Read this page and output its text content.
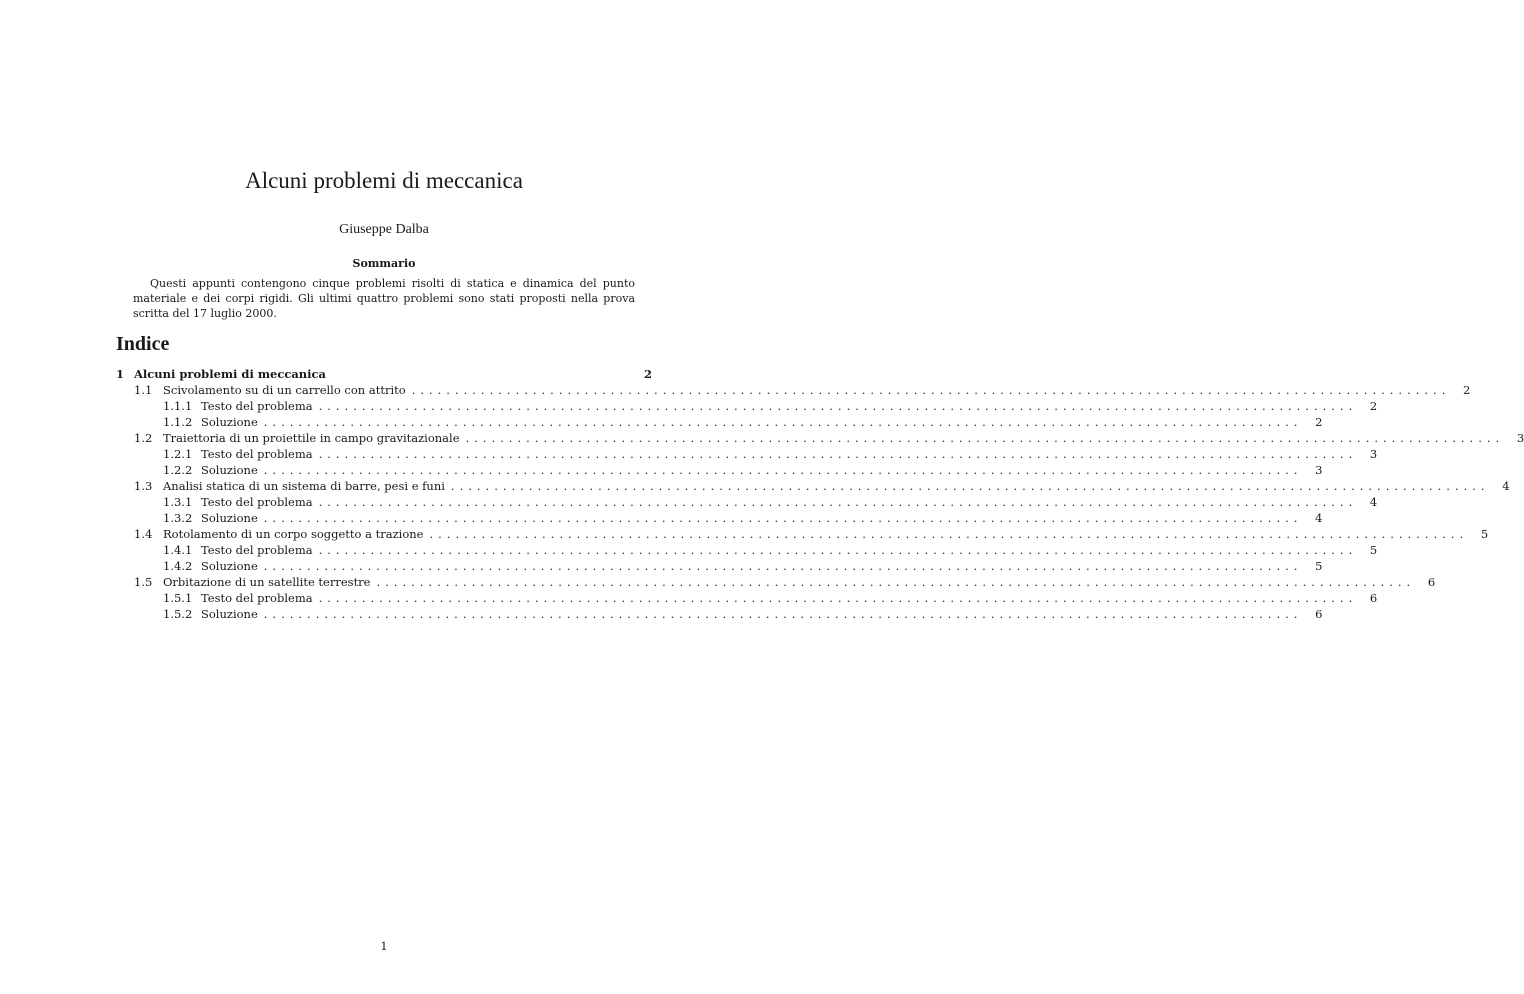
Alcuni problemi di meccanica
Giuseppe Dalba
Sommario
Questi appunti contengono cinque problemi risolti di statica e dinamica del punto materiale e dei corpi rigidi. Gli ultimi quattro problemi sono stati proposti nella prova scritta del 17 luglio 2000.
Indice
1 Alcuni problemi di meccanica	2
1.1 Scivolamento su di un carrello con attrito ........................................................................................................................	2
1.1.1 Testo del problema ........................................................................................................................	2
1.1.2 Soluzione ........................................................................................................................	2
1.2 Traiettoria di un proiettile in campo gravitazionale ........................................................................................................................	3
1.2.1 Testo del problema ........................................................................................................................	3
1.2.2 Soluzione ........................................................................................................................	3
1.3 Analisi statica di un sistema di barre, pesi e funi ........................................................................................................................	4
1.3.1 Testo del problema ........................................................................................................................	4
1.3.2 Soluzione ........................................................................................................................	4
1.4 Rotolamento di un corpo soggetto a trazione ........................................................................................................................	5
1.4.1 Testo del problema ........................................................................................................................	5
1.4.2 Soluzione ........................................................................................................................	5
1.5 Orbitazione di un satellite terrestre ........................................................................................................................	6
1.5.1 Testo del problema ........................................................................................................................	6
1.5.2 Soluzione ........................................................................................................................	6
1
